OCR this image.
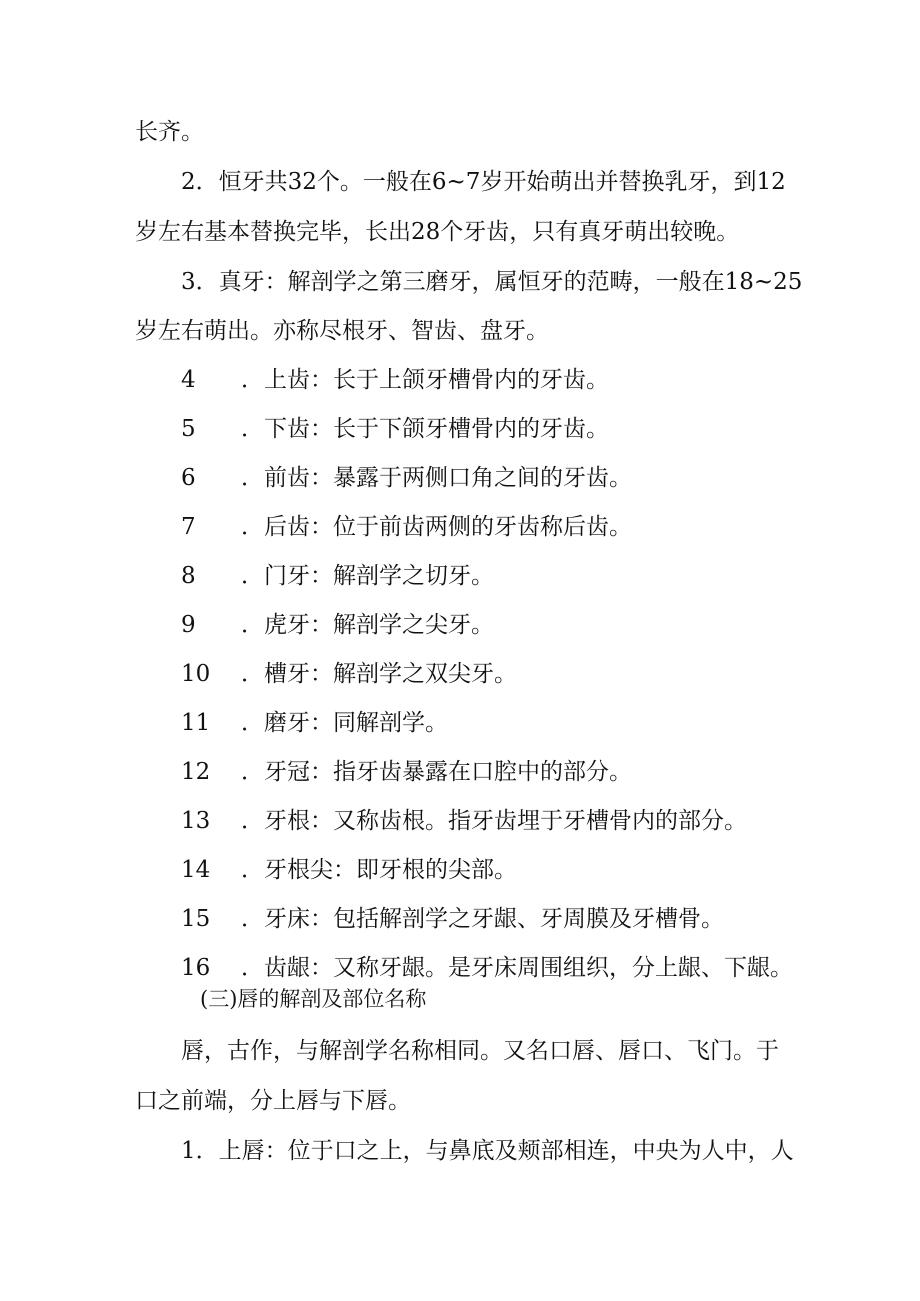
长齐。
2．恒牙共32个。一般在6~7岁开始萌出并替换乳牙，到12
岁左右基本替换完毕，长出28个牙齿，只有真牙萌出较晚。
3．真牙：解剖学之第三磨牙，属恒牙的范畴，一般在18~25
岁左右萌出。亦称尽根牙、智齿、盘牙。
4	．上齿：长于上颌牙槽骨内的牙齿。
5	．下齿：长于下颌牙槽骨内的牙齿。
6	．前齿：暴露于两侧口角之间的牙齿。
7	．后齿：位于前齿两侧的牙齿称后齿。
8	．门牙：解剖学之切牙。
9	．虎牙：解剖学之尖牙。
10	．槽牙：解剖学之双尖牙。
11	．磨牙：同解剖学。
12	．牙冠：指牙齿暴露在口腔中的部分。
13	．牙根：又称齿根。指牙齿埋于牙槽骨内的部分。
14	．牙根尖：即牙根的尖部。
15	．牙床：包括解剖学之牙龈、牙周膜及牙槽骨。
16	．齿龈：又称牙龈。是牙床周围组织，分上龈、下龈。
(三)唇的解剖及部位名称
唇，古作，与解剖学名称相同。又名口唇、唇口、飞门。于
口之前端，分上唇与下唇。
1．上唇：位于口之上，与鼻底及颊部相连，中央为人中，人
